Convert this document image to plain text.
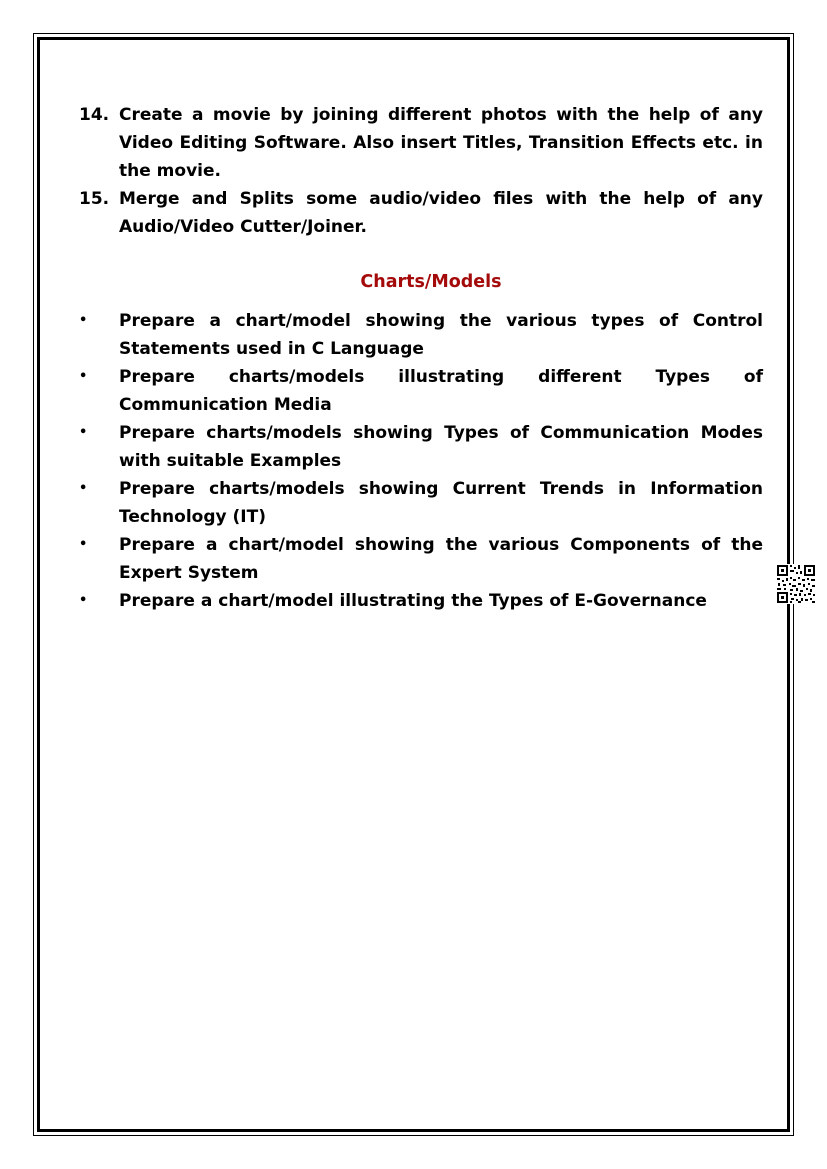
14. Create a movie by joining different photos with the help of any Video Editing Software. Also insert Titles, Transition Effects etc. in the movie.
15. Merge and Splits some audio/video files with the help of any Audio/Video Cutter/Joiner.
Charts/Models
•	Prepare a chart/model showing the various types of Control Statements used in C Language
•	Prepare charts/models illustrating different Types of Communication Media
•	Prepare charts/models showing Types of Communication Modes with suitable Examples
•	Prepare charts/models showing Current Trends in Information Technology (IT)
•	Prepare a chart/model showing the various Components of the Expert System
•	Prepare a chart/model illustrating the Types of E-Governance
